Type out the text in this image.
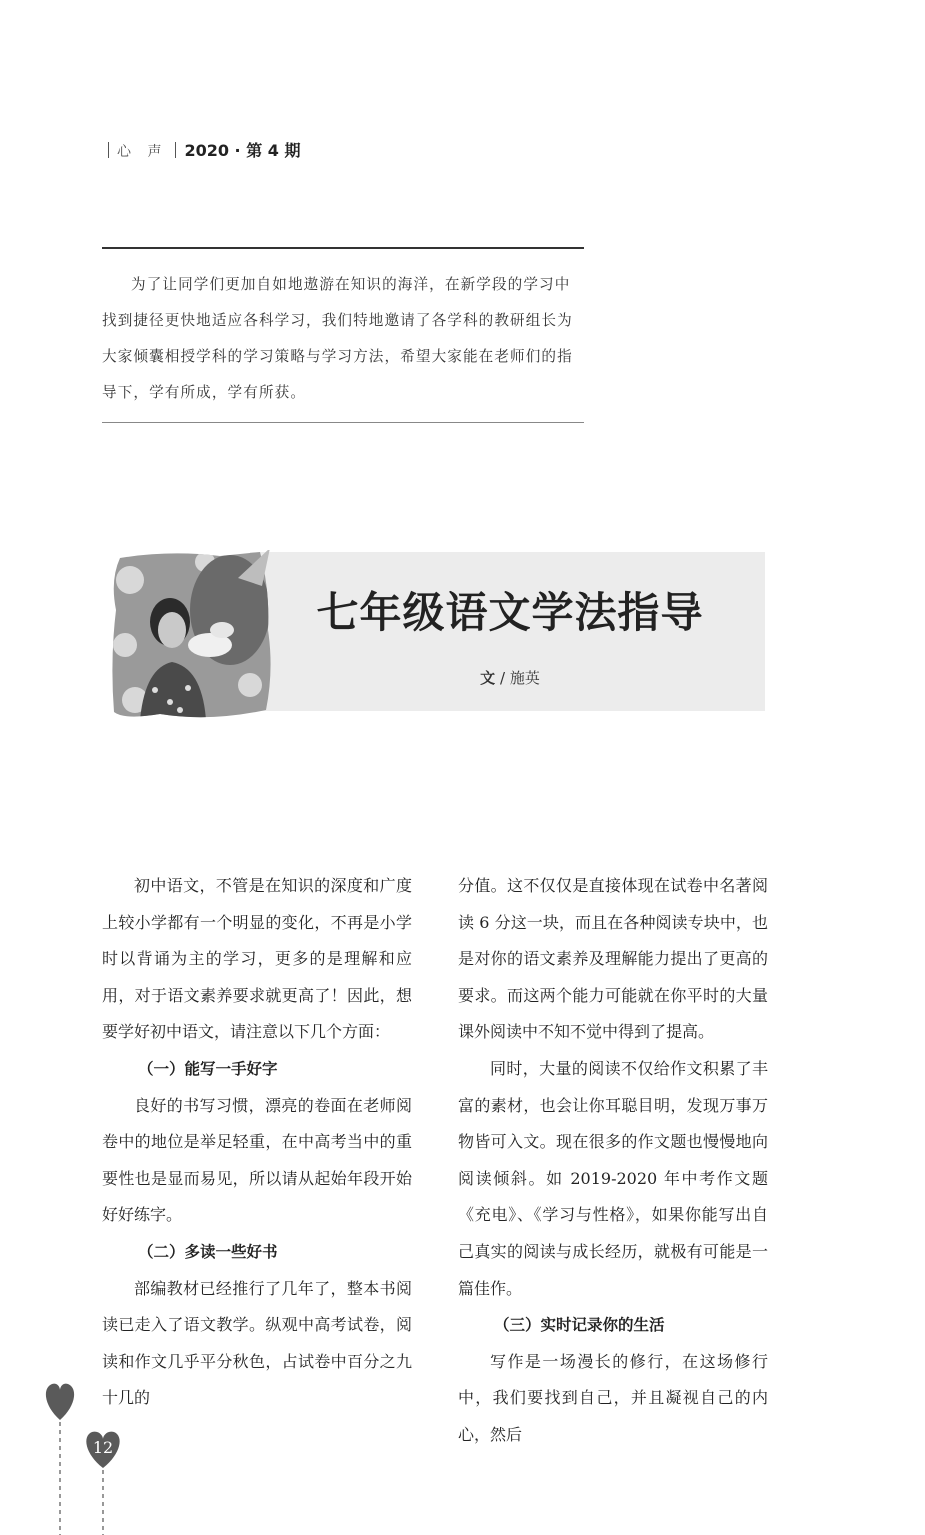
心 声 2020 · 第 4 期

为了让同学们更加自如地遨游在知识的海洋，在新学段的学习中找到捷径更快地适应各科学习，我们特地邀请了各学科的教研组长为大家倾囊相授学科的学习策略与学习方法，希望大家能在老师们的指导下，学有所成，学有所获。

七年级语文学法指导
文 / 施英

初中语文，不管是在知识的深度和广度上较小学都有一个明显的变化，不再是小学时以背诵为主的学习，更多的是理解和应用，对于语文素养要求就更高了！因此，想要学好初中语文，请注意以下几个方面：

（一）能写一手好字

良好的书写习惯，漂亮的卷面在老师阅卷中的地位是举足轻重，在中高考当中的重要性也是显而易见，所以请从起始年段开始好好练字。

（二）多读一些好书

部编教材已经推行了几年了，整本书阅读已走入了语文教学。纵观中高考试卷，阅读和作文几乎平分秋色，占试卷中百分之九十几的

分值。这不仅仅是直接体现在试卷中名著阅读 6 分这一块，而且在各种阅读专块中，也是对你的语文素养及理解能力提出了更高的要求。而这两个能力可能就在你平时的大量课外阅读中不知不觉中得到了提高。

同时，大量的阅读不仅给作文积累了丰富的素材，也会让你耳聪目明，发现万事万物皆可入文。现在很多的作文题也慢慢地向阅读倾斜。如 2019-2020 年中考作文题《充电》、《学习与性格》，如果你能写出自己真实的阅读与成长经历，就极有可能是一篇佳作。

（三）实时记录你的生活

写作是一场漫长的修行，在这场修行中，我们要找到自己，并且凝视自己的内心，然后

12
